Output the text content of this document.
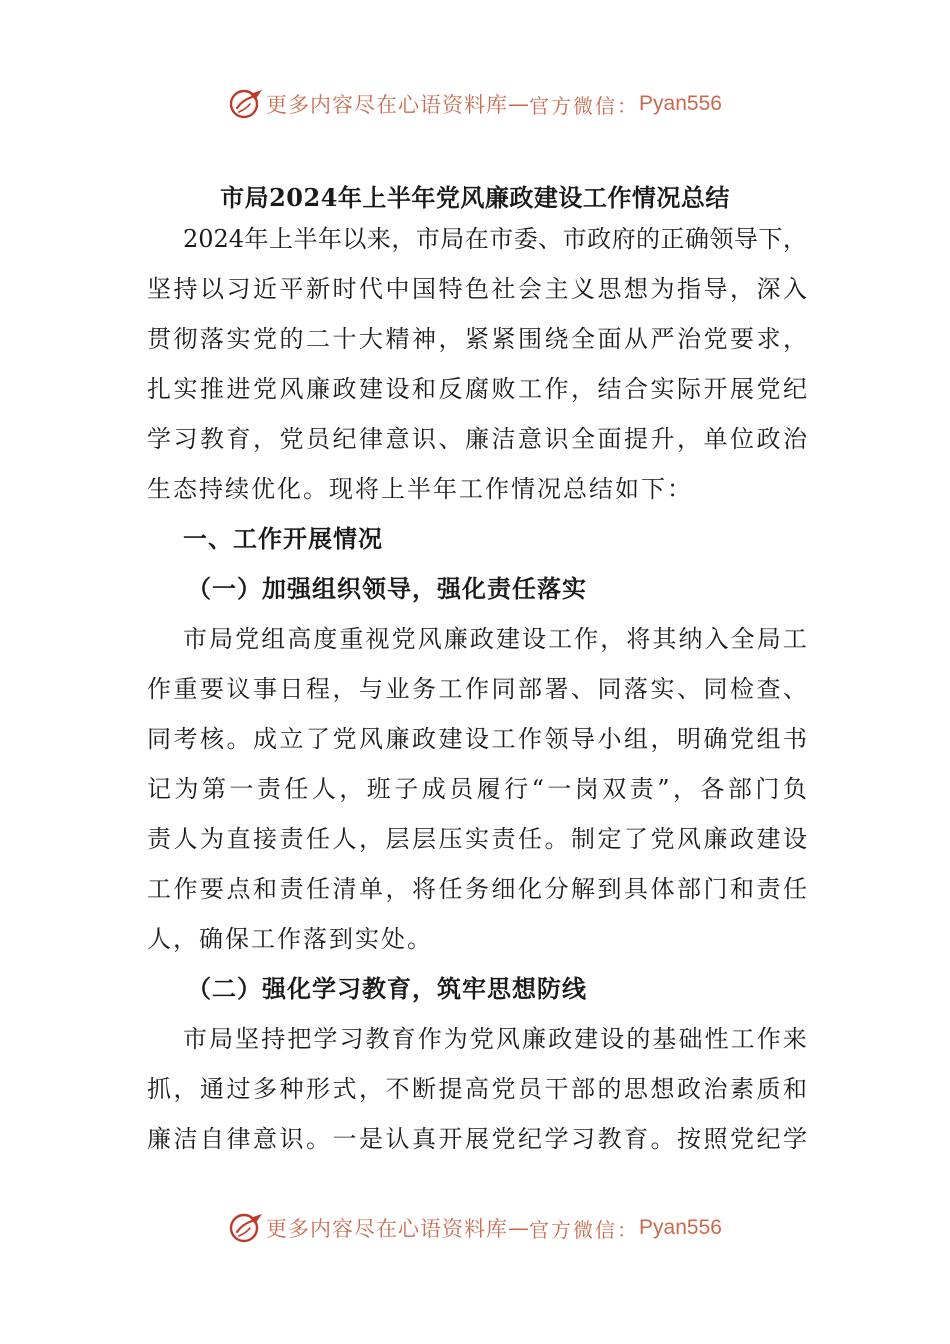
更多内容尽在心语资料库 — 官方微信： Pyan556
市局2024年上半年党风廉政建设工作情况总结
2024 年 上 半 年 以 来 ， 市 局 在 市 委 、 市 政 府 的 正 确 领 导 下 ，
坚 持 以 习 近 平 新 时 代 中 国 特 色 社 会 主 义 思 想 为 指 导 ， 深 入
贯 彻 落 实 党 的 二 十 大 精 神 ， 紧 紧 围 绕 全 面 从 严 治 党 要 求 ，
扎 实 推 进 党 风 廉 政 建 设 和 反 腐 败 工 作 ， 结 合 实 际 开 展 党 纪
学 习 教 育 ， 党 员 纪 律 意 识 、 廉 洁 意 识 全 面 提 升 ， 单 位 政 治
生态持续优化。现将上半年工作情况总结如下：
一、工作开展情况
（一）加强组织领导，强化责任落实
市 局 党 组 高 度 重 视 党 风 廉 政 建 设 工 作 ， 将 其 纳 入 全 局 工
作 重 要 议 事 日 程 ， 与 业 务 工 作 同 部 署 、 同 落 实 、 同 检 查 、
同 考 核 。 成 立 了 党 风 廉 政 建 设 工 作 领 导 小 组 ， 明 确 党 组 书
记 为 第 一 责 任 人 ， 班 子 成 员 履 行 “ 一 岗 双 责 ” ， 各 部 门 负
责 人 为 直 接 责 任 人 ， 层 层 压 实 责 任 。 制 定 了 党 风 廉 政 建 设
工 作 要 点 和 责 任 清 单 ， 将 任 务 细 化 分 解 到 具 体 部 门 和 责 任
人，确保工作落到实处。
（二）强化学习教育，筑牢思想防线
市 局 坚 持 把 学 习 教 育 作 为 党 风 廉 政 建 设 的 基 础 性 工 作 来
抓 ， 通 过 多 种 形 式 ， 不 断 提 高 党 员 干 部 的 思 想 政 治 素 质 和
廉 洁 自 律 意 识 。 一 是 认 真 开 展 党 纪 学 习 教 育 。 按 照 党 纪 学
更多内容尽在心语资料库 — 官方微信： Pyan556
